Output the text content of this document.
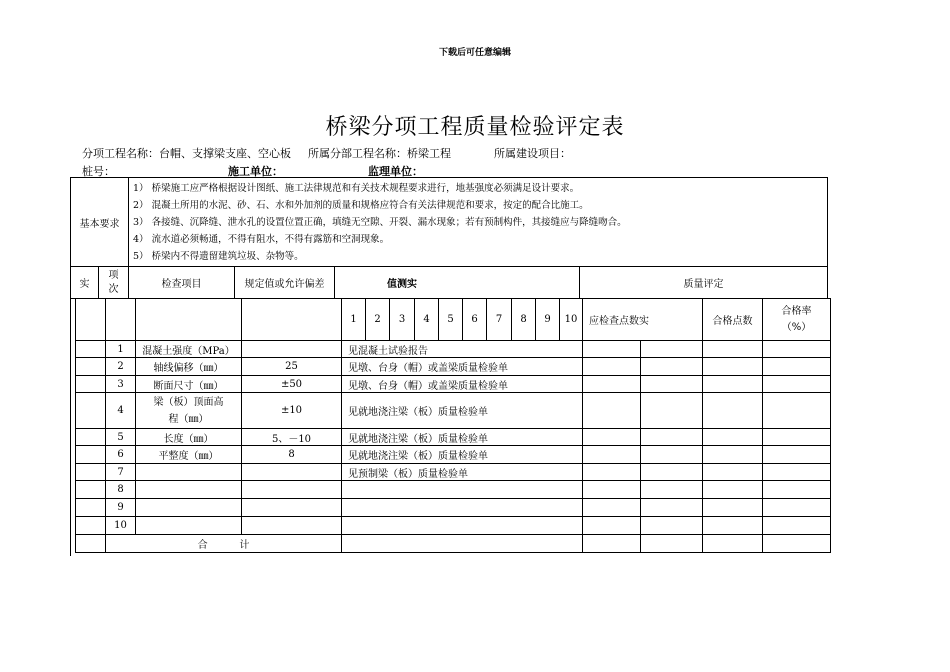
下载后可任意编辑
桥梁分项工程质量检验评定表
分项工程名称：台帽、支撑梁支座、空心板 所属分部工程名称：桥梁工程	所属建设项目：
桩号：	施工单位：	监理单位：
基本要求	
1） 桥梁施工应严格根据设计图纸、施工法律规范和有关技术规程要求进行，地基强度必须满足设计要求。
2） 混凝土所用的水泥、砂、石、水和外加剂的质量和规格应符合有关法律规范和要求，按定的配合比施工。
3） 各接缝、沉降缝、泄水孔的设置位置正确，填缝无空隙、开裂、漏水现象；若有预制构件，其接缝应与降缝吻合。
4） 流水道必须畅通，不得有阻水，不得有露筋和空洞现象。
5） 桥梁内不得遗留建筑垃圾、杂物等。
实	项次	检查项目	规定值或允许偏差	值测实	质量评定
				1	2	3	4	5	6	7	8	9	10	应检查点数实		合格点数	合格率（%）
	1	混凝土强度（MPa）		见混凝土试验报告													
	2	轴线偏移（㎜）	25	见墩、台身（帽）或盖梁质量检验单													
	3	断面尺寸（㎜）	±50	见墩、台身（帽）或盖梁质量检验单													
	4	梁（板）顶面高程（㎜）	±10	见就地浇注梁（板）质量检验单													
	5	长度（㎜）	5、－10	见就地浇注梁（板）质量检验单													
	6	平整度（㎜）	8	见就地浇注梁（板）质量检验单													
	7			见预制梁（板）质量检验单													
	8																
	9																
	10																
	合          计																
